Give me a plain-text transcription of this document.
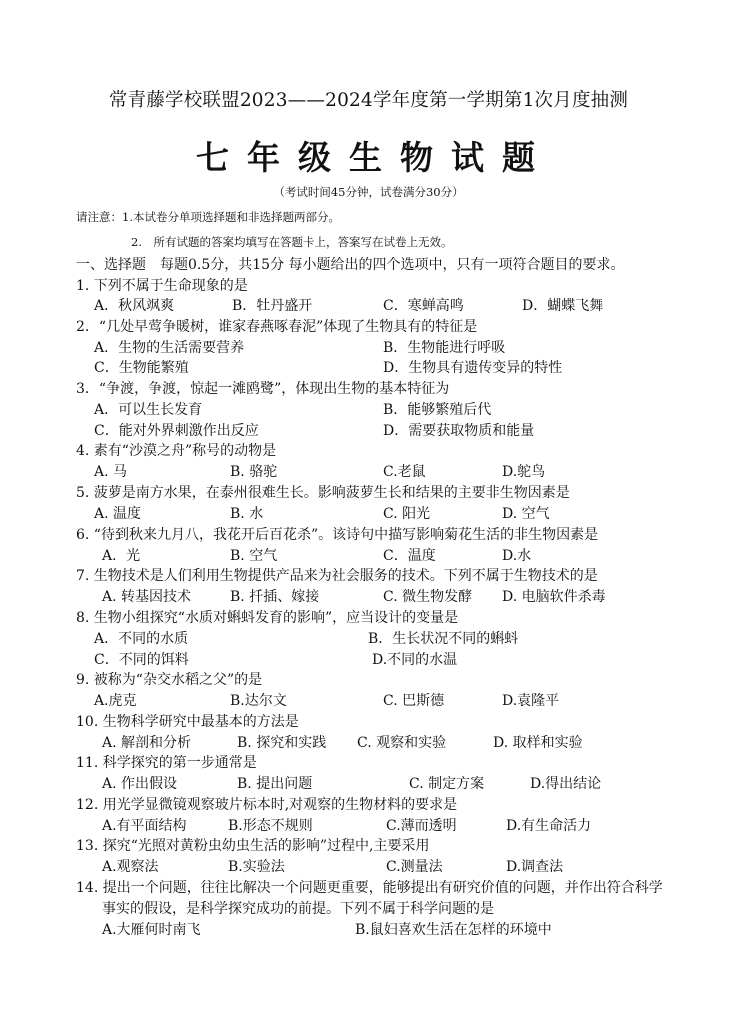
常青藤学校联盟2023——2024学年度第一学期第1次月度抽测
七年级生物试题
（考试时间45分钟，试卷满分30分）
请注意：1.本试卷分单项选择题和非选择题两部分。
2.　所有试题的答案均填写在答题卡上，答案写在试卷上无效。
一、选择题　每题0.5分，共15分 每小题给出的四个选项中，只有一项符合题目的要求。
1. 下列不属于生命现象的是
A．秋风飒爽	B．牡丹盛开	C．寒蝉高鸣	D．蝴蝶飞舞
2．“几处早莺争暖树，谁家春燕啄春泥”体现了生物具有的特征是
A．生物的生活需要营养	B．生物能进行呼吸
C．生物能繁殖	D．生物具有遗传变异的特性
3．“争渡，争渡，惊起一滩鸥鹭”，体现出生物的基本特征为
A．可以生长发育	B．能够繁殖后代
C．能对外界刺激作出反应	D．需要获取物质和能量
4. 素有“沙漠之舟”称号的动物是
A. 马	B. 骆驼	C.老鼠	D.鸵鸟
5. 菠萝是南方水果，在泰州很难生长。影响菠萝生长和结果的主要非生物因素是
A. 温度	B. 水	C. 阳光	D. 空气
6. “待到秋来九月八，我花开后百花杀”。该诗句中描写影响菊花生活的非生物因素是
A．光	B. 空气	C．温度	D.水
7. 生物技术是人们利用生物提供产品来为社会服务的技术。下列不属于生物技术的是
A. 转基因技术	B. 扦插、嫁接	C. 微生物发酵 D. 电脑软件杀毒
8. 生物小组探究“水质对蝌蚪发育的影响”，应当设计的变量是
A．不同的水质	B．生长状况不同的蝌蚪
C．不同的饵料	D.不同的水温
9. 被称为“杂交水稻之父”的是
A.虎克	B.达尔文	C. 巴斯德	D.袁隆平
10. 生物科学研究中最基本的方法是
A. 解剖和分析	B. 探究和实践 C. 观察和实验	D. 取样和实验
11. 科学探究的第一步通常是
A. 作出假设	B. 提出问题	C. 制定方案	D.得出结论
12. 用光学显微镜观察玻片标本时,对观察的生物材料的要求是
A.有平面结构	B.形态不规则	C.薄而透明	D.有生命活力
13. 探究“光照对黄粉虫幼虫生活的影响”过程中,主要采用
A.观察法	B.实验法	C.测量法	D.调查法
14. 提出一个问题，往往比解决一个问题更重要，能够提出有研究价值的问题，并作出符合科学
事实的假设，是科学探究成功的前提。下列不属于科学问题的是
A.大雁何时南飞	B.鼠妇喜欢生活在怎样的环境中
